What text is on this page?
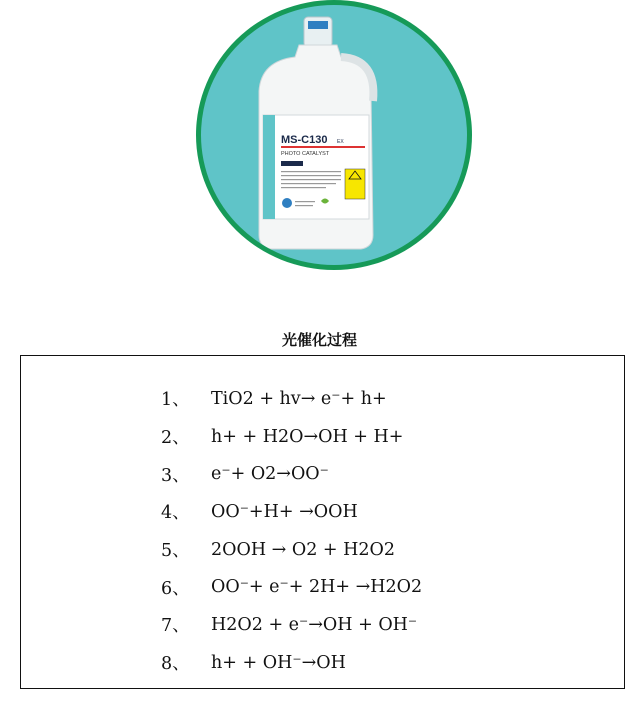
MS-C130 EX
PHOTO CATALYST
光催化过程
1、	TiO2 + hv→ e⁻+ h+
2、	h+ + H2O→OH + H+
3、	e⁻+ O2→OO⁻
4、	OO⁻+H+ →OOH
5、	2OOH → O2 + H2O2
6、	OO⁻+ e⁻+ 2H+ →H2O2
7、	H2O2 + e⁻→OH + OH⁻
8、	h+ + OH⁻→OH
